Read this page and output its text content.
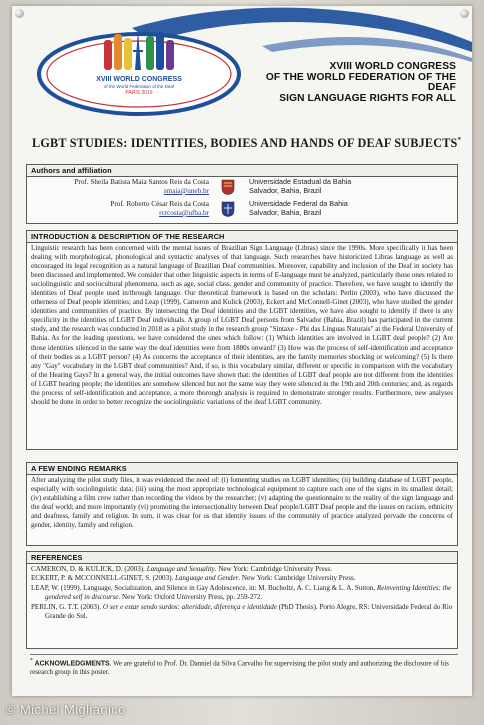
XVIII WORLD CONGRESS
of the World Federation of the Deaf
PARIS 2019
XVIII WORLD CONGRESS
OF THE WORLD FEDERATION OF THE DEAF
SIGN LANGUAGE RIGHTS FOR ALL
LGBT STUDIES: IDENTITIES, BODIES AND HANDS OF DEAF SUBJECTS*
Authors and affiliation
Prof. Sheila Batista Maia Santos Reis da Costa
smaia@uneb.br
Universidade Estadual da Bahia
Salvador, Bahia, Brazil
Prof. Roberto César Reis da Costa
rcrcosta@ufba.br
Universidade Federal da Bahia
Salvador, Bahia, Brazil
INTRODUCTION & DESCRIPTION OF THE RESEARCH
Linguistic research has been concerned with the mental issues of Brazilian Sign Language (Libras) since the 1990s. More specifically it has been dealing with morphological, phonological and syntactic analyses of that language. Such researches have historicized Libras language as well as encouraged its legal recognition as a natural language of Brazilian Deaf communities. Moreover, capability and inclusion of the Deaf in society has been discussed and implemented. We consider that other linguistic aspects in terms of E-language must be analyzed, particularly those ones related to sociolinguistic and sociocultural phenomena, such as age, social class, gender and community of practice. Therefore, we have sought to identify the identities of Deaf people used in/through language. Our theoretical framework is based on the scholars: Perlin (2003), who have discussed the otherness of Deaf people identities; and Leap (1999), Cameron and Kulick (2003), Eckert and McConnell-Ginet (2003), who have studied the gender identities and communities of practice. By intersecting the Deaf identities and the LGBT identities, we have also sought to identify if there is any specificity in the identities of LGBT Deaf individuals. A group of LGBT Deaf persons from Salvador (Bahia, Brazil) has participated in the current study, and the research was conducted in 2018 as a pilot study in the research group "Sintaxe - Phi das Línguas Naturais" at the Federal University of Bahia. As for the leading questions, we have considered the ones which follow: (1) Which identities are involved in LGBT deaf people? (2) Are those identities silenced in the same way the deaf identities were from 1880s onward? (3) How was the process of self-identification and acceptance of their bodies as a LGBT person? (4) As concerns the acceptance of their identities, are the family memories shocking or welcoming? (5) Is there any "Gay" vocabulary in the LGBT deaf communities? And, if so, is this vocabulary similar, different or specific in comparison with the vocabulary of the Hearing Gays? In a general way, the initial outcomes have shown that: the identities of LGBT deaf people are not different from the identities of LGBT hearing people; the identities are somehow silenced but not the same way they were silenced in the 19th and 20th centuries; and, as regards the process of self-identification and acceptance, a more thorough analysis is required to demonstrate stronger results. Furthermore, new analyses should be done in order to better recognize the sociolinguistic variations of the deaf LGBT community.
A FEW ENDING REMARKS
After analyzing the pilot study files, it was evidenced the need of: (i) fomenting studies on LGBT identities; (ii) building database of LGBT people, especially with sociolinguistic data; (iii) using the most appropriate technological equipment to capture each one of the signs in its smallest detail; (iv) establishing a film crew rather than recording the videos by the researcher; (v) adapting the questionnaire to the reality of the sign language and the deaf world; and more importantly (vi) promoting the intersectionality between Deaf people/LGBT Deaf people and the issues on racism, ethnicity and deafness, family and religion. In sum, it was clear for us that identity issues of the community of practice analyzed pervade the concerns of gender, identity, family and religion.
REFERENCES
CAMERON, D. & KULICK, D. (2003). Language and Sexuality. New York: Cambridge University Press.
ECKERT, P. & MCCONNELL-GINET, S. (2003). Language and Gender. New York: Cambridge University Press.
LEAP, W. (1999). Language, Socialization, and Silence in Gay Adolescence, in: M. Bucholtz, A. C. Liang & L. A. Sutton, Reinventing Identities: the gendered self in discourse. New York: Oxford University Press, pp. 259-272.
PERLIN, G. T.T. (2003). O ser e estar sendo surdos: alteridade, diferença e identidade (PhD Thesis). Porto Alegre, RS: Universidade Federal do Rio Grande do Sul.
* ACKNOWLEDGMENTS. We are grateful to Prof. Dr. Danniel da Silva Carvalho for supervising the pilot study and authorizing the disclosure of his research group in this poster.
© Michel Miglianico
